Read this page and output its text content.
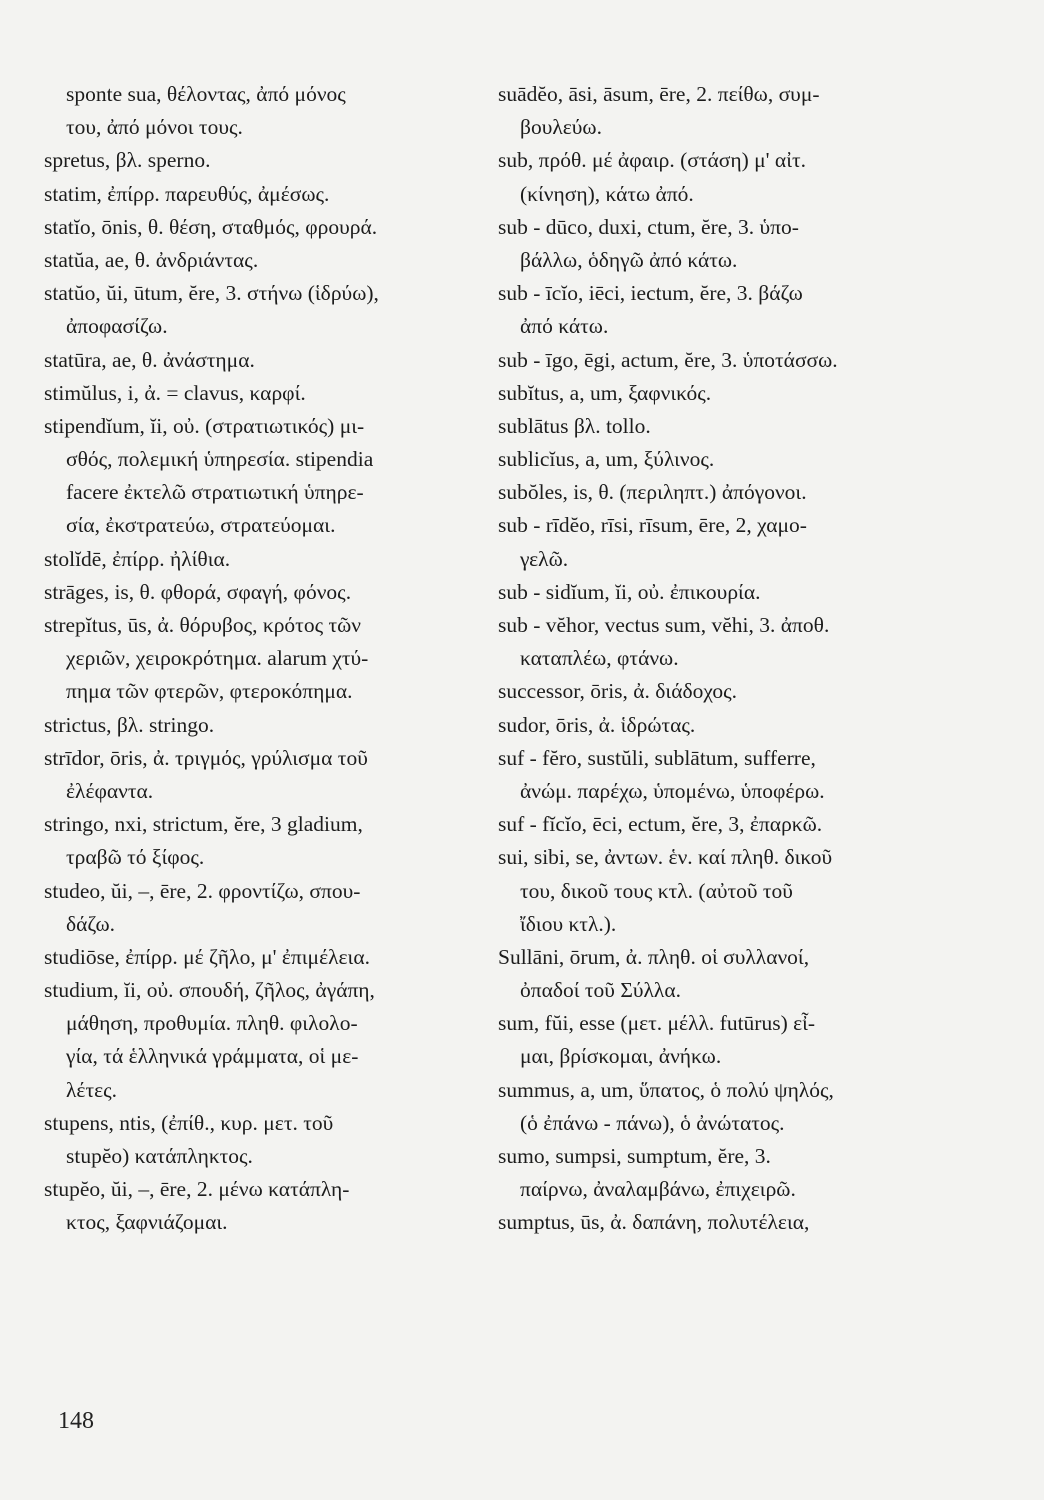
sponte sua, θέλοντας, ἀπό μόνος
του, ἀπό μόνοι τους.
spretus, βλ. sperno.
statim, ἐπίρρ. παρευθύς, ἀμέσως.
statĭo, ōnis, θ. θέση, σταθμός, φρουρά.
statŭa, ae, θ. ἀνδριάντας.
statŭo, ŭi, ūtum, ĕre, 3. στήνω (ἱδρύω),
ἀποφασίζω.
statūra, ae, θ. ἀνάστημα.
stimŭlus, i, ἀ. = clavus, καρφί.
stipendĭum, ĭi, οὐ. (στρατιωτικός) μι-
σθός, πολεμική ὑπηρεσία. stipendia
facere ἐκτελῶ στρατιωτική ὑπηρε-
σία, ἐκστρατεύω, στρατεύομαι.
stolĭdē, ἐπίρρ. ἠλίθια.
strāges, is, θ. φθορά, σφαγή, φόνος.
strepĭtus, ūs, ἀ. θόρυβος, κρότος τῶν
χεριῶν, χειροκρότημα. alarum χτύ-
πημα τῶν φτερῶν, φτεροκόπημα.
strictus, βλ. stringo.
strīdor, ōris, ἀ. τριγμός, γρύλισμα τοῦ
ἐλέφαντα.
stringo, nxi, strictum, ĕre, 3 gladium,
τραβῶ τό ξίφος.
studeo, ŭi, –, ēre, 2. φροντίζω, σπου-
δάζω.
studiōse, ἐπίρρ. μέ ζῆλο, μ' ἐπιμέλεια.
studium, ĭi, οὐ. σπουδή, ζῆλος, ἀγάπη,
μάθηση, προθυμία. πληθ. φιλολο-
γία, τά ἑλληνικά γράμματα, οἱ με-
λέτες.
stupens, ntis, (ἐπίθ., κυρ. μετ. τοῦ
stupĕo) κατάπληκτος.
stupĕo, ŭi, –, ēre, 2. μένω κατάπλη-
κτος, ξαφνιάζομαι.
suādĕo, āsi, āsum, ēre, 2. πείθω, συμ-
βουλεύω.
sub, πρόθ. μέ ἀφαιρ. (στάση) μ' αἰτ.
(κίνηση), κάτω ἀπό.
sub - dūco, duxi, ctum, ĕre, 3. ὑπο-
βάλλω, ὁδηγῶ ἀπό κάτω.
sub - īcĭo, iēci, iectum, ĕre, 3. βάζω
ἀπό κάτω.
sub - īgo, ēgi, actum, ĕre, 3. ὑποτάσσω.
subĭtus, a, um, ξαφνικός.
sublātus βλ. tollo.
sublicĭus, a, um, ξύλινος.
subŏles, is, θ. (περιληπτ.) ἀπόγονοι.
sub - rīdĕo, rīsi, rīsum, ēre, 2, χαμο-
γελῶ.
sub - sidĭum, ĭi, οὐ. ἐπικουρία.
sub - vĕhor, vectus sum, vĕhi, 3. ἀποθ.
καταπλέω, φτάνω.
successor, ōris, ἀ. διάδοχος.
sudor, ōris, ἀ. ἱδρώτας.
suf - fĕro, sustŭli, sublātum, sufferre,
ἀνώμ. παρέχω, ὑπομένω, ὑποφέρω.
suf - fĭcĭo, ēci, ectum, ĕre, 3, ἐπαρκῶ.
sui, sibi, se, ἀντων. ἑν. καί πληθ. δικοῦ
του, δικοῦ τους κτλ. (αὐτοῦ τοῦ
ἴδιου κτλ.).
Sullāni, ōrum, ἀ. πληθ. οἱ συλλανοί,
ὀπαδοί τοῦ Σύλλα.
sum, fŭi, esse (μετ. μέλλ. futūrus) εἶ-
μαι, βρίσκομαι, ἀνήκω.
summus, a, um, ὕπατος, ὁ πολύ ψηλός,
(ὁ ἐπάνω - πάνω), ὁ ἀνώτατος.
sumo, sumpsi, sumptum, ĕre, 3.
παίρνω, ἀναλαμβάνω, ἐπιχειρῶ.
sumptus, ūs, ἀ. δαπάνη, πολυτέλεια,
148
